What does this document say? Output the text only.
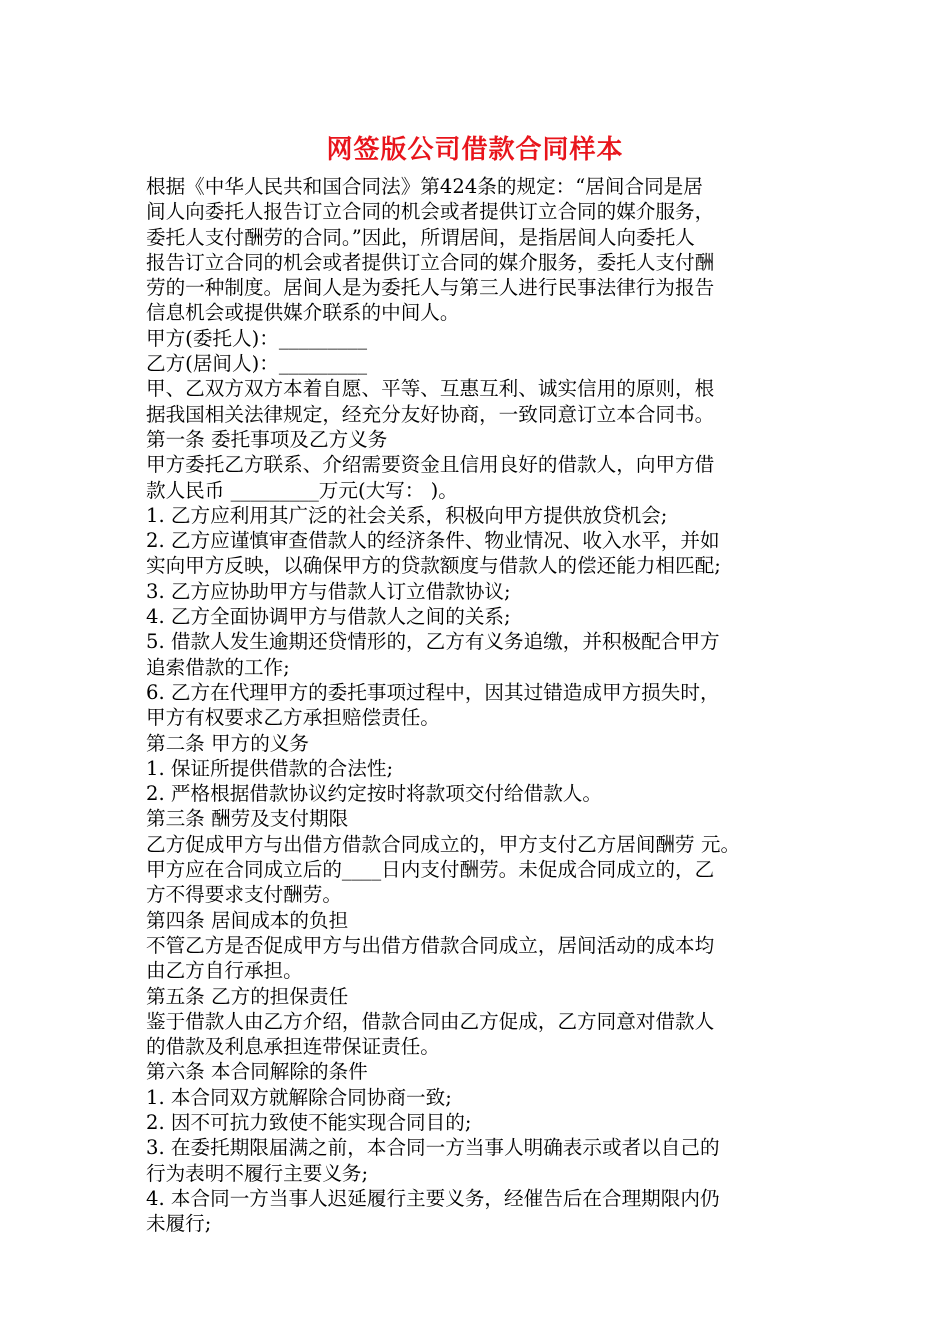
网签版公司借款合同样本
根据《中华人民共和国合同法》第424条的规定：“居间合同是居
间人向委托人报告订立合同的机会或者提供订立合同的媒介服务，
委托人支付酬劳的合同。”因此，所谓居间，是指居间人向委托人
报告订立合同的机会或者提供订立合同的媒介服务，委托人支付酬
劳的一种制度。居间人是为委托人与第三人进行民事法律行为报告
信息机会或提供媒介联系的中间人。
甲方(委托人)：_________
乙方(居间人)：_________
甲、乙双方双方本着自愿、平等、互惠互利、诚实信用的原则，根
据我国相关法律规定，经充分友好协商，一致同意订立本合同书。
第一条 委托事项及乙方义务
甲方委托乙方联系、介绍需要资金且信用良好的借款人，向甲方借
款人民币 _________万元(大写： )。
1. 乙方应利用其广泛的社会关系，积极向甲方提供放贷机会;
2. 乙方应谨慎审查借款人的经济条件、物业情况、收入水平，并如
实向甲方反映，以确保甲方的贷款额度与借款人的偿还能力相匹配;
3. 乙方应协助甲方与借款人订立借款协议;
4. 乙方全面协调甲方与借款人之间的关系;
5. 借款人发生逾期还贷情形的，乙方有义务追缴，并积极配合甲方
追索借款的工作;
6. 乙方在代理甲方的委托事项过程中，因其过错造成甲方损失时，
甲方有权要求乙方承担赔偿责任。
第二条 甲方的义务
1. 保证所提供借款的合法性;
2. 严格根据借款协议约定按时将款项交付给借款人。
第三条 酬劳及支付期限
乙方促成甲方与出借方借款合同成立的，甲方支付乙方居间酬劳 元。
甲方应在合同成立后的____日内支付酬劳。未促成合同成立的，乙
方不得要求支付酬劳。
第四条 居间成本的负担
不管乙方是否促成甲方与出借方借款合同成立，居间活动的成本均
由乙方自行承担。
第五条 乙方的担保责任
鉴于借款人由乙方介绍，借款合同由乙方促成，乙方同意对借款人
的借款及利息承担连带保证责任。
第六条 本合同解除的条件
1. 本合同双方就解除合同协商一致;
2. 因不可抗力致使不能实现合同目的;
3. 在委托期限届满之前，本合同一方当事人明确表示或者以自己的
行为表明不履行主要义务;
4. 本合同一方当事人迟延履行主要义务，经催告后在合理期限内仍
未履行;
